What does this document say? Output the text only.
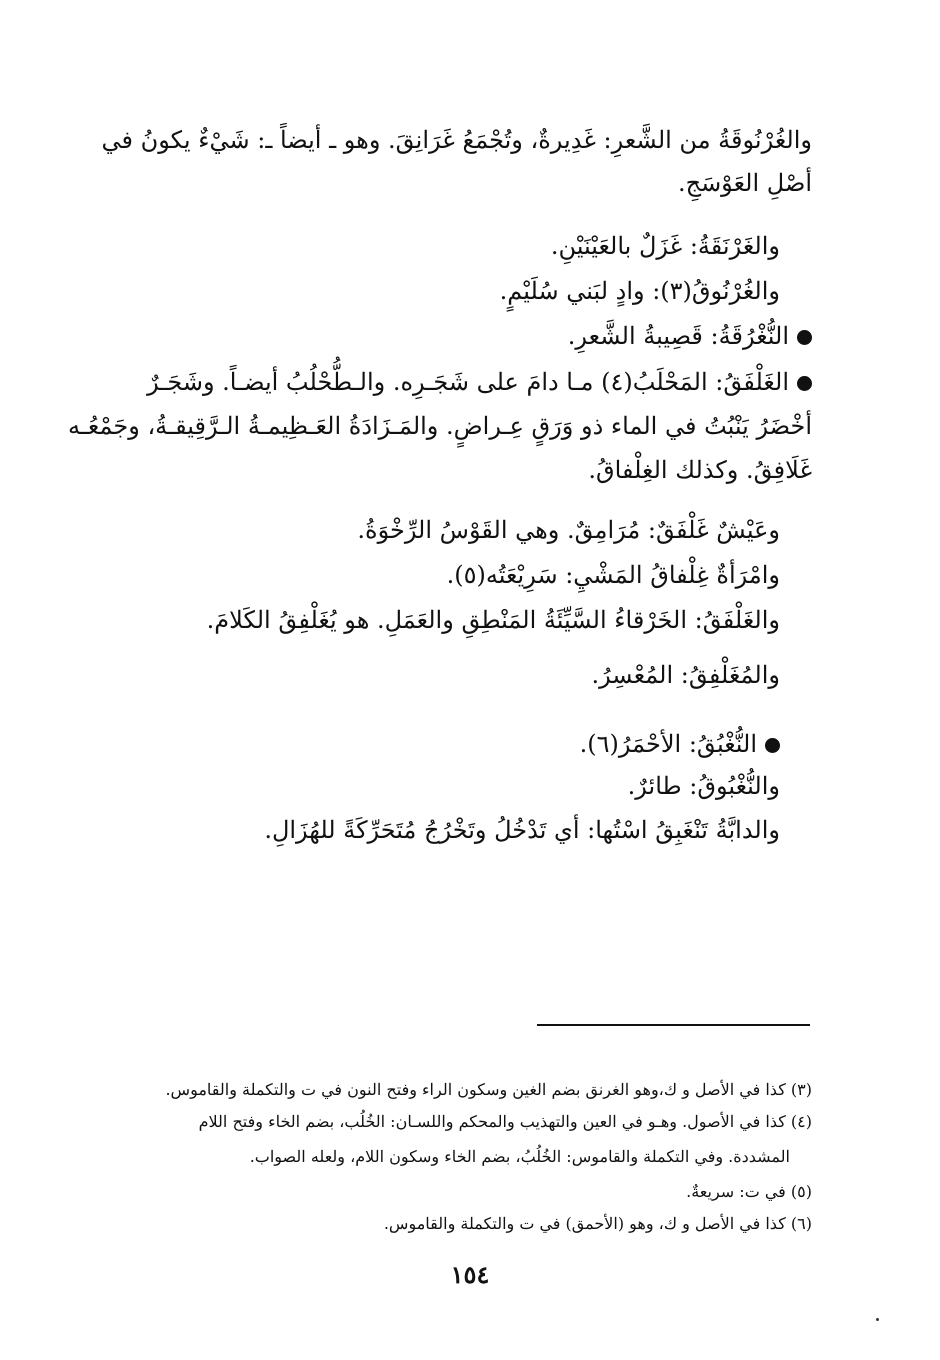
والغُرْنُوقَةُ من الشَّعرِ: غَدِيرةٌ، وتُجْمَعُ غَرَانِقَ. وهو ـ أيضاً ـ: شَيْءٌ يكونُ في
أصْلِ العَوْسَجِ.
والغَرْنَقَةُ: غَزَلٌ بالعَيْنَيْنِ.
والغُرْنُوقُ(٣): وادٍ لبَني سُلَيْمٍ.
النُّغْرُقَةُ: قَصِيبةُ الشَّعرِ.
الغَلْفَقُ: المَحْلَبُ(٤) مـا دامَ على شَجَـرِه. والـطُّحْلُبُ أيضـاً. وشَجَـرٌ
أخْضَرُ يَنْبُتُ في الماء ذو وَرَقٍ عِـراضٍ. والمَـزَادَةُ العَـظِيمـةُ الـرَّقِيقـةُ، وجَمْعُـه
غَلَافِقُ. وكذلك الغِلْفاقُ.
وعَيْشٌ غَلْفَقٌ: مُرَامِقٌ. وهي القَوْسُ الرِّخْوَةُ.
وامْرَأةٌ غِلْفاقُ المَشْيِ: سَرِيْعَتُه(٥).
والغَلْفَقُ: الخَرْقاءُ السَّيِّئَةُ المَنْطِقِ والعَمَلِ. هو يُغَلْفِقُ الكَلامَ.
والمُغَلْفِقُ: المُعْسِرُ.
النُّغْبُقُ: الأحْمَرُ(٦).
والنُّغْبُوقُ: طائرٌ.
والدابَّةُ تَنْغَبِقُ اسْتُها: أي تَدْخُلُ وتَخْرُجُ مُتَحَرِّكَةً للهُزَالِ.
(٣) كذا في الأصل و ك،وهو الغرنق بضم الغين وسكون الراء وفتح النون في ت والتكملة والقاموس.
(٤) كذا في الأصول. وهـو في العين والتهذيب والمحكم واللسـان: الخُلُب، بضم الخاء وفتح اللام
المشددة. وفي التكملة والقاموس: الخُلُبُ، بضم الخاء وسكون اللام، ولعله الصواب.
(٥) في ت: سريعةٌ.
(٦) كذا في الأصل و ك، وهو (الأحمق) في ت والتكملة والقاموس.
١٥٤
